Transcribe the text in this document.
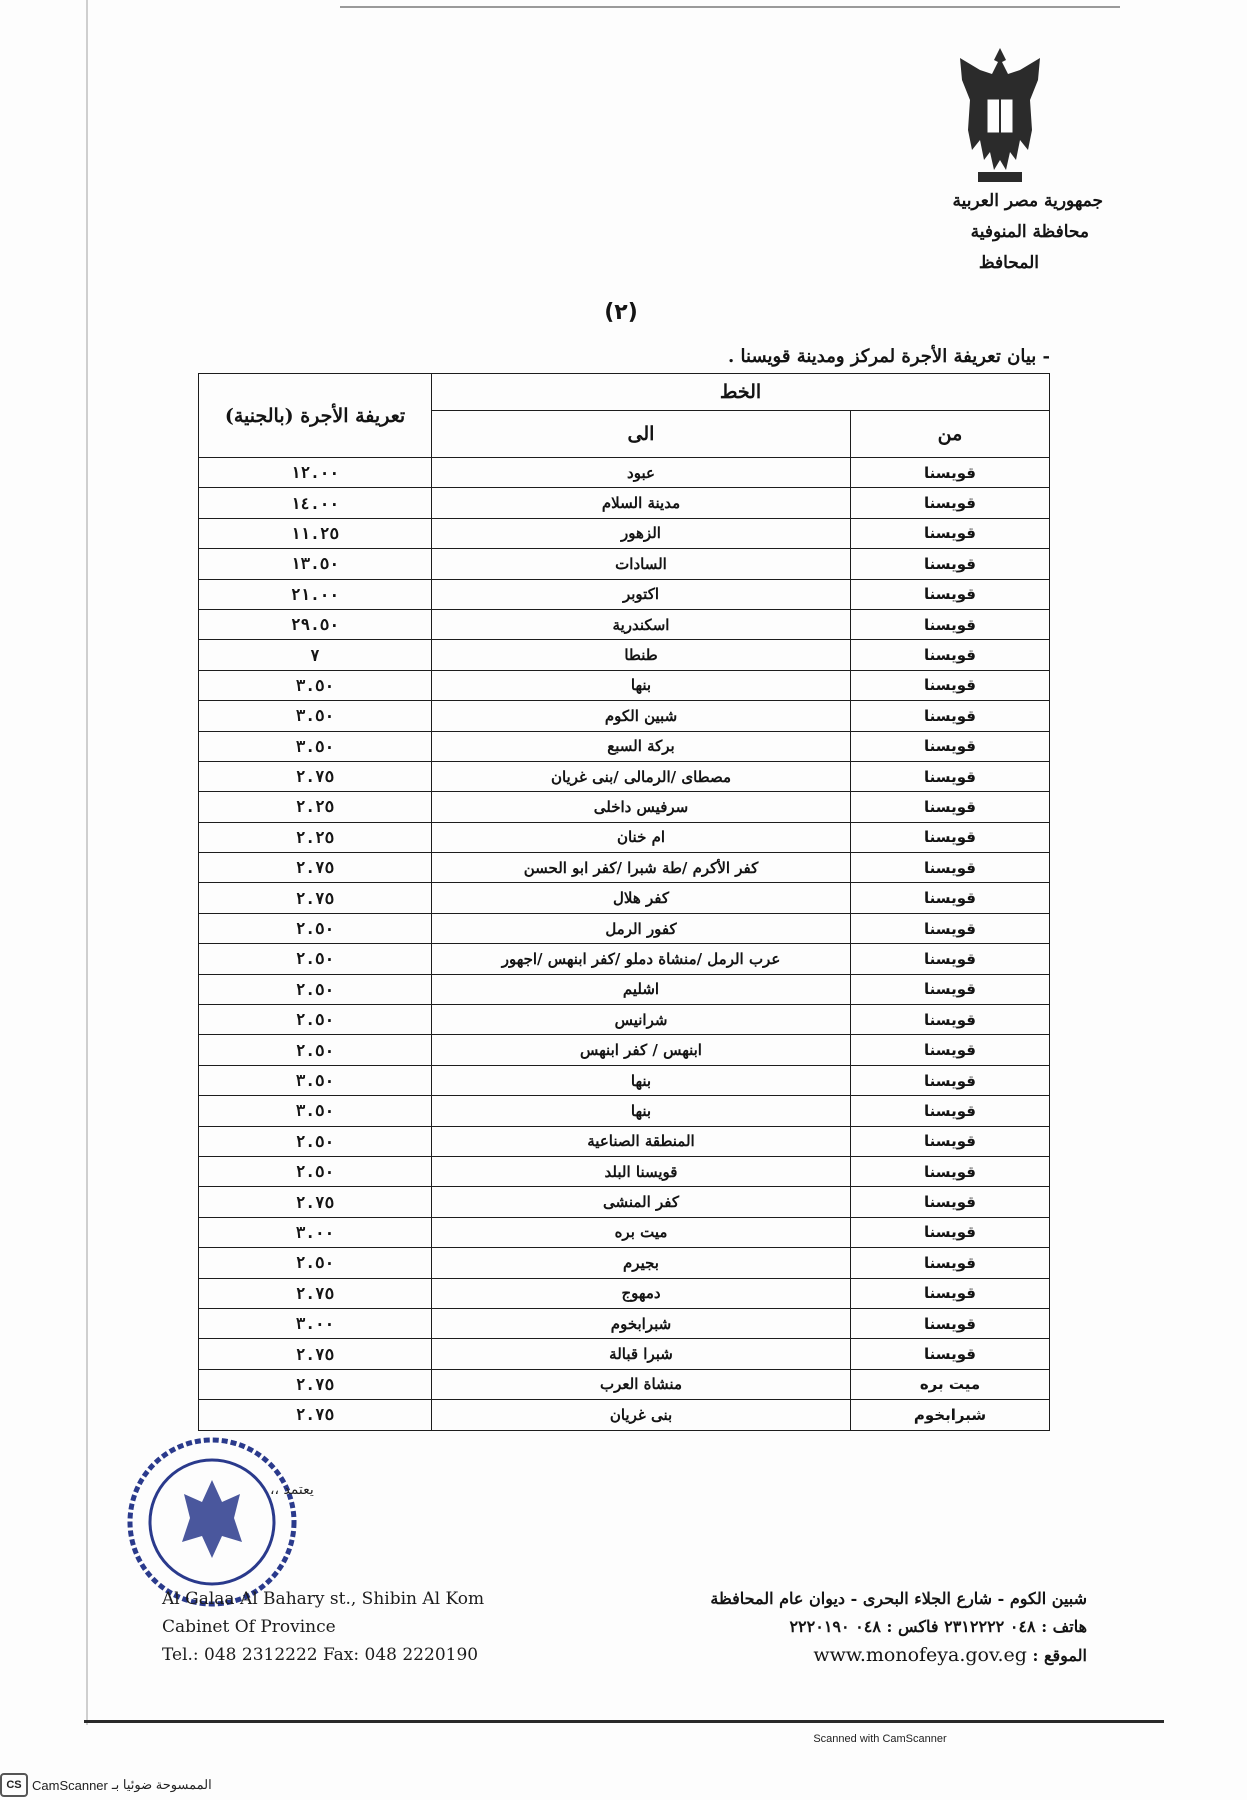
جمهورية مصر العربية
محافظة المنوفية
المحافظ
(٢)
- بيان تعريفة الأجرة لمركز ومدينة قويسنا .
الخط		تعريفة الأجرة (بالجنية)
من	الى	
قويسنا	عبود	١٢.٠٠
قويسنا	مدينة السلام	١٤.٠٠
قويسنا	الزهور	١١.٢٥
قويسنا	السادات	١٣.٥٠
قويسنا	اكتوبر	٢١.٠٠
قويسنا	اسكندرية	٢٩.٥٠
قويسنا	طنطا	٧
قويسنا	بنها	٣.٥٠
قويسنا	شبين الكوم	٣.٥٠
قويسنا	بركة السبع	٣.٥٠
قويسنا	مصطاى /الرمالى /بنى غريان	٢.٧٥
قويسنا	سرفيس داخلى	٢.٢٥
قويسنا	ام خنان	٢.٢٥
قويسنا	كفر الأكرم /طة شبرا /كفر ابو الحسن	٢.٧٥
قويسنا	كفر هلال	٢.٧٥
قويسنا	كفور الرمل	٢.٥٠
قويسنا	عرب الرمل /منشاة دملو /كفر ابنهس /اجهور	٢.٥٠
قويسنا	اشليم	٢.٥٠
قويسنا	شرانيس	٢.٥٠
قويسنا	ابنهس / كفر ابنهس	٢.٥٠
قويسنا	بنها	٣.٥٠
قويسنا	بنها	٣.٥٠
قويسنا	المنطقة الصناعية	٢.٥٠
قويسنا	قويسنا البلد	٢.٥٠
قويسنا	كفر المنشى	٢.٧٥
قويسنا	ميت بره	٣.٠٠
قويسنا	بجيرم	٢.٥٠
قويسنا	دمهوج	٢.٧٥
قويسنا	شبرابخوم	٣.٠٠
قويسنا	شبرا قبالة	٢.٧٥
ميت بره	منشاة العرب	٢.٧٥
شبرابخوم	بنى غريان	٢.٧٥
يعتمد ،،
Al Galaa Al Bahary st., Shibin Al Kom
Cabinet Of Province
Tel.: 048 2312222 Fax: 048 2220190
شبين الكوم - شارع الجلاء البحرى - ديوان عام المحافظة
هاتف : ٠٤٨ ٢٣١٢٢٢٢ فاكس : ٠٤٨ ٢٢٢٠١٩٠
الموقع : www.monofeya.gov.eg
Scanned with CamScanner
CS CamScanner الممسوحة ضوئيا بـ
